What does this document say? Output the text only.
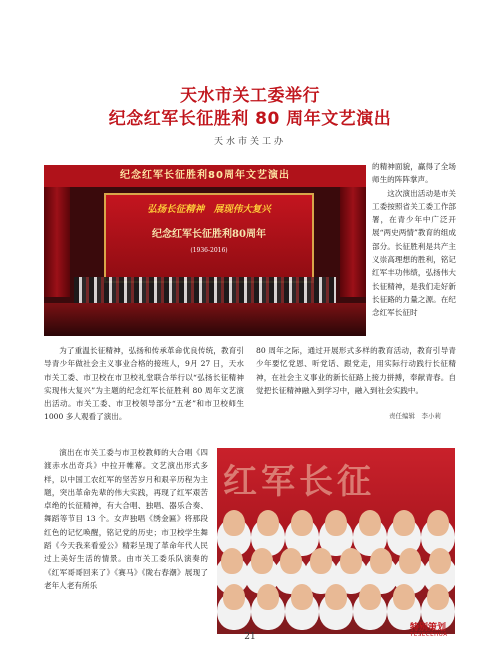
天水市关工委举行
纪念红军长征胜利 80 周年文艺演出
天水市关工办
纪念红军长征胜利80周年文艺演出
弘扬长征精神　展现伟大复兴
纪念红军长征胜利80周年
(1936-2016)

的精神面貌，赢得了全场师生的阵阵掌声。

这次演出活动是市关工委按照省关工委工作部署，在青少年中广泛开展“两史两情”教育的组成部分。长征胜利是共产主义崇高理想的胜利，铭记红军丰功伟绩，弘扬伟大长征精神，是我们走好新长征路的力量之源。在纪念红军长征时

为了重温长征精神，弘扬和传承革命优良传统，教育引导青少年做社会主义事业合格的接班人，9月 27 日，天水市关工委、市卫校在市卫校礼堂联合举行以“弘扬长征精神　实现伟大复兴”为主题的纪念红军长征胜利 80 周年文艺演出活动。市关工委、市卫校领导部分“五老”和市卫校师生 1000 多人观看了演出。

80 周年之际，通过开展形式多样的教育活动，教育引导青少年要忆党恩、听党话、跟党走，用实际行动践行长征精神，在社会主义事业的新长征路上接力拼搏，奉献青春。自觉把长征精神融入到学习中，融入到社会实践中。

责任编辑　李小莉

演出在市关工委与市卫校教师的大合唱《四渡赤水出奇兵》中拉开帷幕。文艺演出形式多样，以中国工农红军的坚苦岁月和艰辛历程为主题，突出革命先辈的伟大实践，再现了红军艰苦卓绝的长征精神，有大合唱、独唱、器乐合奏、舞蹈等节目 13 个。女声独唱《绣金匾》将那段红色的记忆唤醒，铭记党的历史；市卫校学生舞蹈《今天我来看爱公》精彩呈现了革命年代人民过上美好生活的情景。由市关工委乐队演奏的《红军哥哥回来了》《赛马》《陇右春潮》展现了老年人老有所乐

红军长征
特别策划
TESECEHUA
21
